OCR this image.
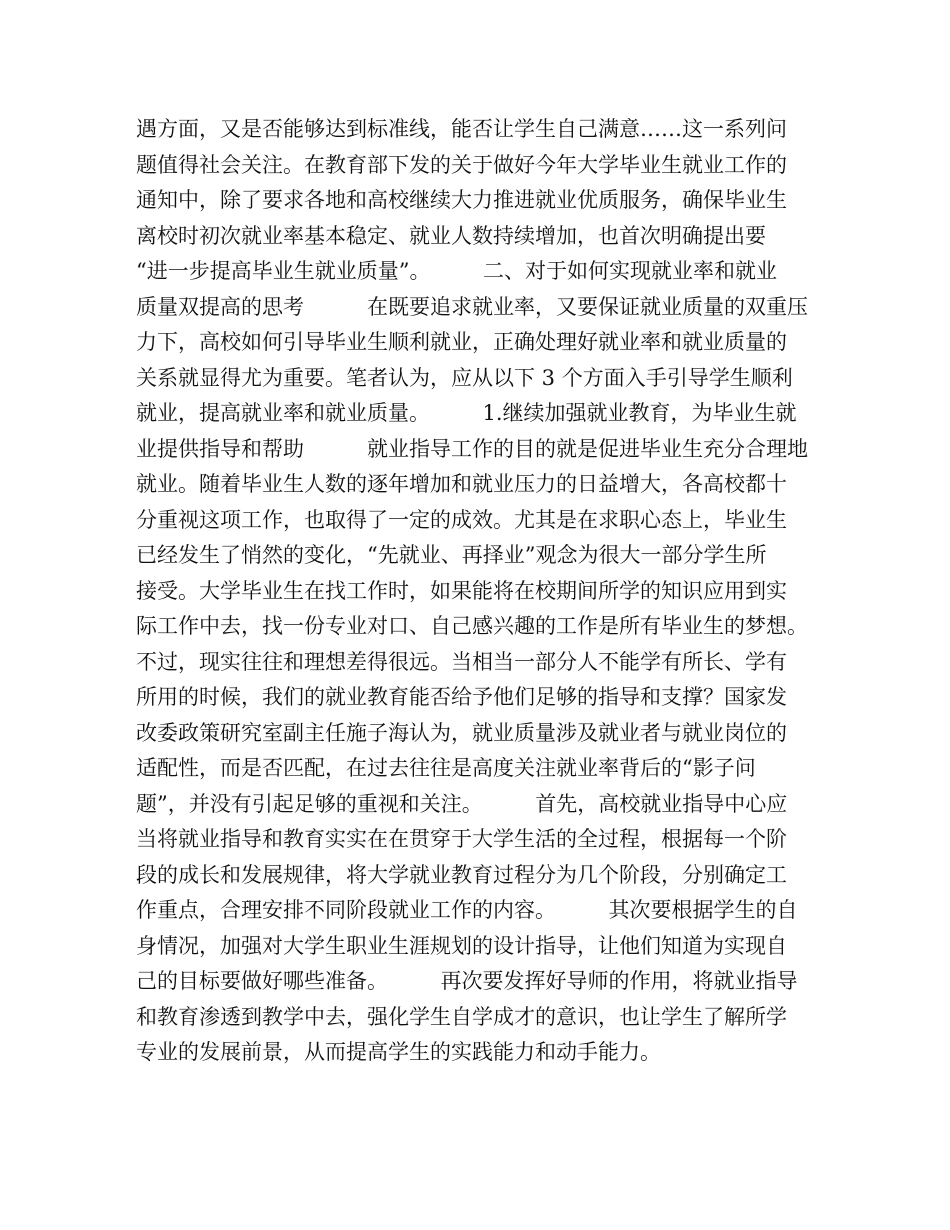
遇方面，又是否能够达到标准线，能否让学生自己满意……这一系列问
题值得社会关注。在教育部下发的关于做好今年大学毕业生就业工作的
通知中，除了要求各地和高校继续大力推进就业优质服务，确保毕业生
离校时初次就业率基本稳定、就业人数持续增加，也首次明确提出要
“进一步提高毕业生就业质量”。　　　二、对于如何实现就业率和就业
质量双提高的思考　　　在既要追求就业率，又要保证就业质量的双重压
力下，高校如何引导毕业生顺利就业，正确处理好就业率和就业质量的
关系就显得尤为重要。笔者认为，应从以下 3 个方面入手引导学生顺利
就业，提高就业率和就业质量。　　　1.继续加强就业教育，为毕业生就
业提供指导和帮助　　　就业指导工作的目的就是促进毕业生充分合理地
就业。随着毕业生人数的逐年增加和就业压力的日益增大，各高校都十
分重视这项工作，也取得了一定的成效。尤其是在求职心态上，毕业生
已经发生了悄然的变化，“先就业、再择业”观念为很大一部分学生所
接受。大学毕业生在找工作时，如果能将在校期间所学的知识应用到实
际工作中去，找一份专业对口、自己感兴趣的工作是所有毕业生的梦想。
不过，现实往往和理想差得很远。当相当一部分人不能学有所长、学有
所用的时候，我们的就业教育能否给予他们足够的指导和支撑？国家发
改委政策研究室副主任施子海认为，就业质量涉及就业者与就业岗位的
适配性，而是否匹配，在过去往往是高度关注就业率背后的“影子问
题”，并没有引起足够的重视和关注。　　　首先，高校就业指导中心应
当将就业指导和教育实实在在贯穿于大学生活的全过程，根据每一个阶
段的成长和发展规律，将大学就业教育过程分为几个阶段，分别确定工
作重点，合理安排不同阶段就业工作的内容。　　　其次要根据学生的自
身情况，加强对大学生职业生涯规划的设计指导，让他们知道为实现自
己的目标要做好哪些准备。　　　再次要发挥好导师的作用，将就业指导
和教育渗透到教学中去，强化学生自学成才的意识，也让学生了解所学
专业的发展前景，从而提高学生的实践能力和动手能力。
